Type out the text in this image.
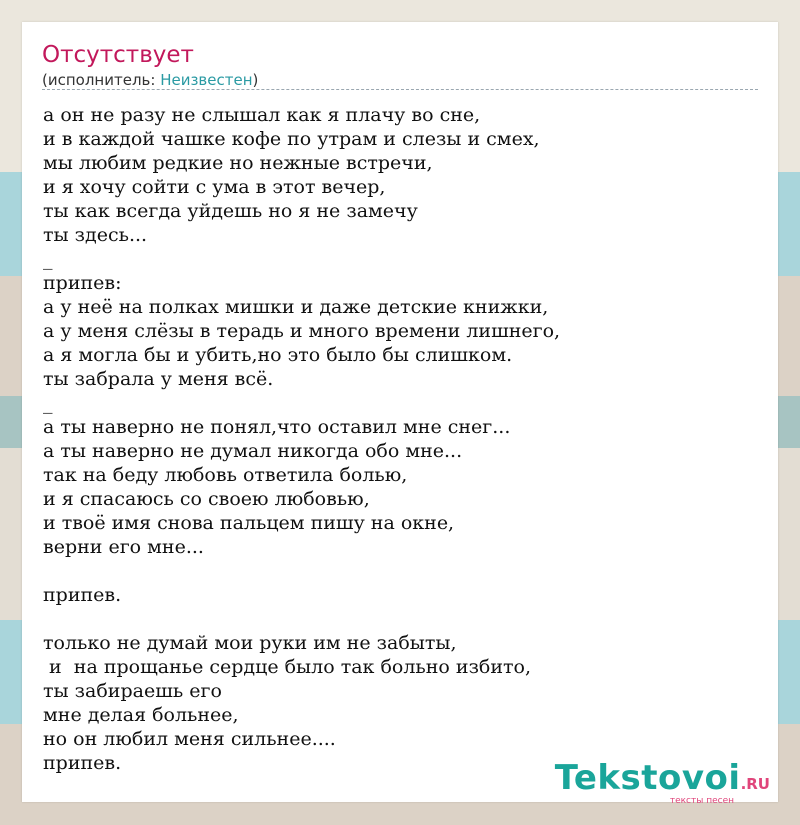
Отсутствует
(исполнитель: Неизвестен)
а он не разу не слышал как я плачу во сне,
и в каждой чашке кофе по утрам и слезы и смех,
мы любим редкие но нежные встречи,
и я хочу сойти с ума в этот вечер,
ты как всегда уйдешь но я не замечу
ты здесь...
_
припев:
а у неё на полках мишки и даже детские книжки,
а у меня слёзы в терадь и много времени лишнего,
а я могла бы и убить,но это было бы слишком.
ты забрала у меня всё.
_
а ты наверно не понял,что оставил мне снег...
а ты наверно не думал никогда обо мне...
так на беду любовь ответила болью,
и я спасаюсь со своею любовью,
и твоё имя снова пальцем пишу на окне,
верни его мне...
припев.
только не думай мои руки им не забыты,
и  на прощанье сердце было так больно избито,
ты забираешь его
мне делая больнее,
но он любил меня сильнее....
припев.	Tekstovoi.RU
тексты песен
